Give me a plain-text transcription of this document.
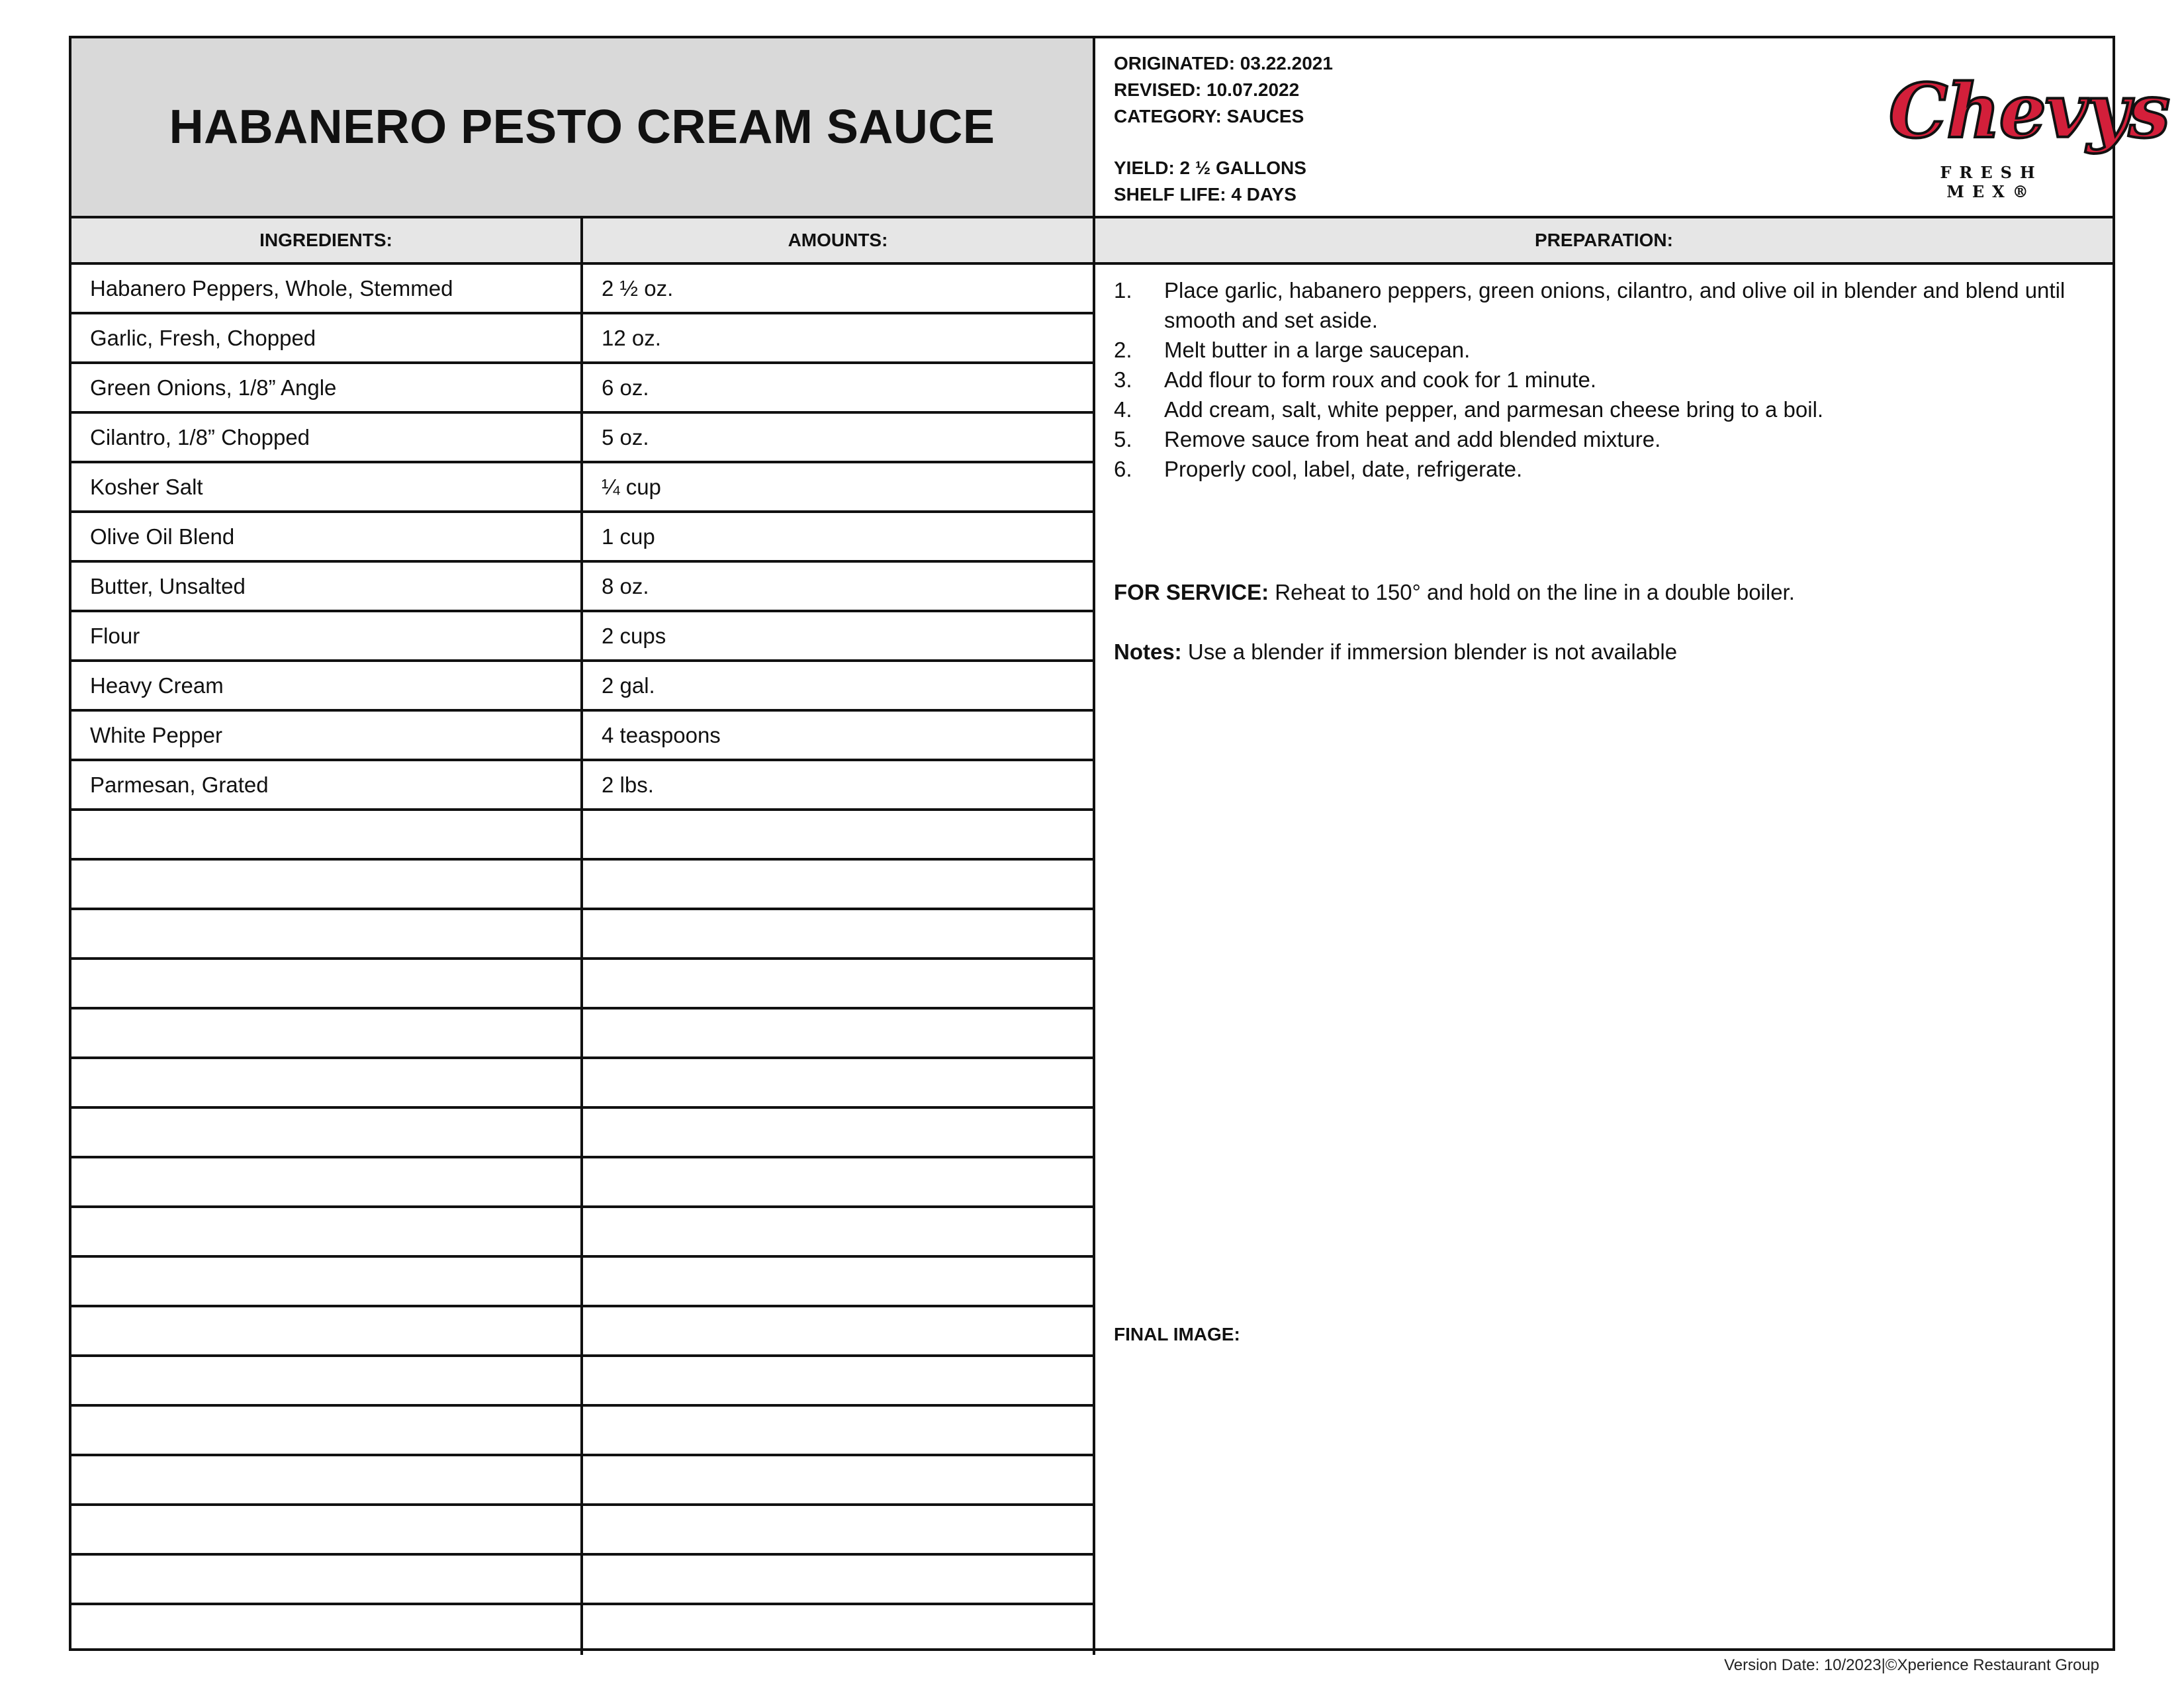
HABANERO PESTO CREAM SAUCE
ORIGINATED: 03.22.2021
REVISED: 10.07.2022
CATEGORY: SAUCES
YIELD: 2 ½ GALLONS
SHELF LIFE: 4 DAYS
Chevys
FRESH MEX®
INGREDIENTS:	AMOUNTS:	PREPARATION:
Habanero Peppers, Whole, Stemmed	2 ½ oz.
Garlic, Fresh, Chopped	12 oz.
Green Onions, 1/8” Angle	6 oz.
Cilantro, 1/8” Chopped	5 oz.
Kosher Salt	¼ cup
Olive Oil Blend	1 cup
Butter, Unsalted	8 oz.
Flour	2 cups
Heavy Cream	2 gal.
White Pepper	4 teaspoons
Parmesan, Grated	2 lbs.
1.	Place garlic, habanero peppers, green onions, cilantro, and olive oil in blender and blend until smooth and set aside.
2.	Melt butter in a large saucepan.
3.	Add flour to form roux and cook for 1 minute.
4.	Add cream, salt, white pepper, and parmesan cheese bring to a boil.
5.	Remove sauce from heat and add blended mixture.
6.	Properly cool, label, date, refrigerate.
FOR SERVICE: Reheat to 150° and hold on the line in a double boiler.
Notes: Use a blender if immersion blender is not available
FINAL IMAGE:
Version Date: 10/2023|©Xperience Restaurant Group
